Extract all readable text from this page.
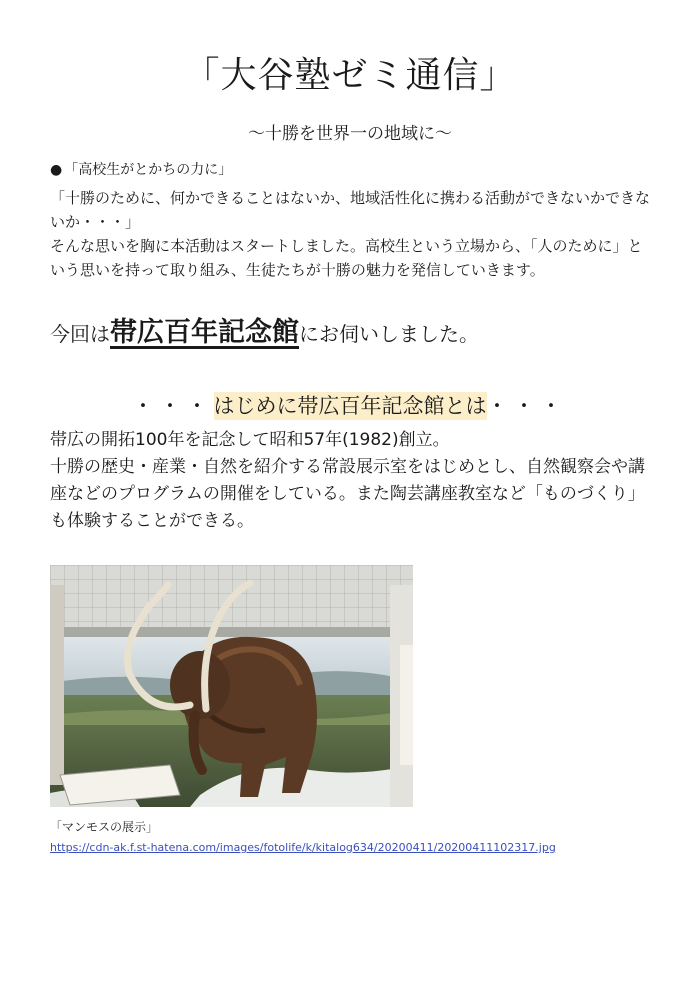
「大谷塾ゼミ通信」
〜十勝を世界一の地域に〜
● 「高校生がとかちの力に」

「十勝のために、何かできることはないか、地域活性化に携わる活動ができないかできないか・・・」

そんな思いを胸に本活動はスタートしました。高校生という立場から、「人のために」という思いを持って取り組み、生徒たちが十勝の魅力を発信していきます。

今回は帯広百年記念館にお伺いしました。
・・・はじめに帯広百年記念館とは・・・

帯広の開拓100年を記念して昭和57年(1982)創立。

十勝の歴史・産業・自然を紹介する常設展示室をはじめとし、自然観察会や講座などのプログラムの開催をしている。また陶芸講座教室など「ものづくり」も体験することができる。

「マンモスの展示」
https://cdn-ak.f.st-hatena.com/images/fotolife/k/kitalog634/20200411/20200411102317.jpg
